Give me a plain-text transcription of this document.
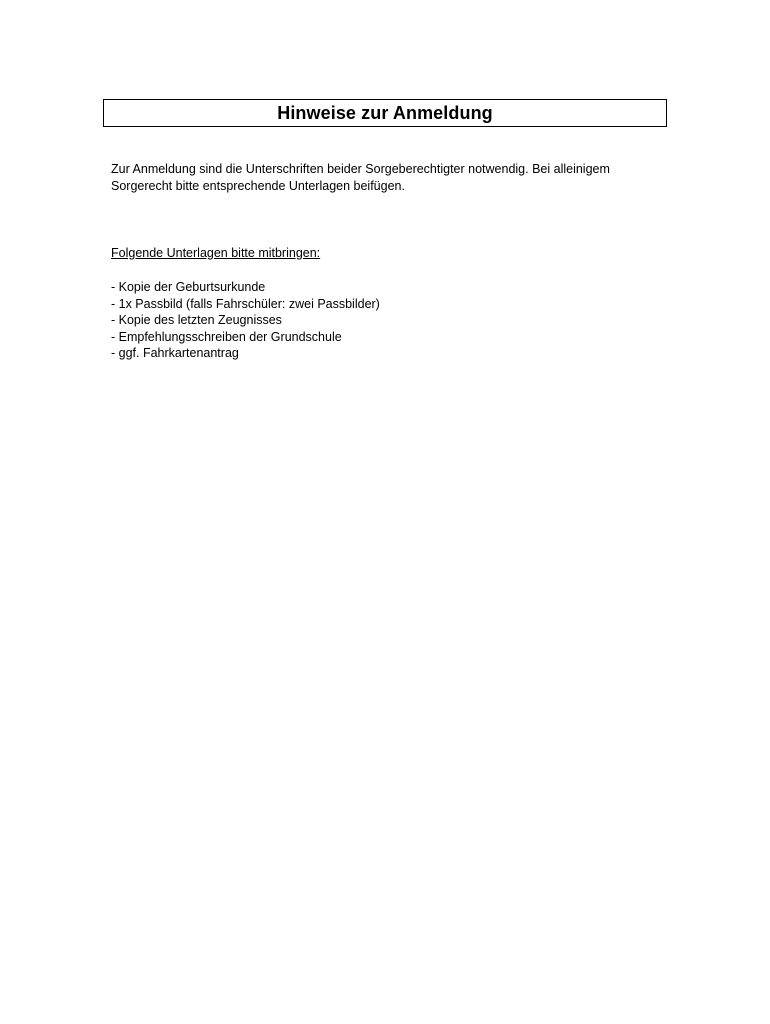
Hinweise zur Anmeldung
Zur Anmeldung sind die Unterschriften beider Sorgeberechtigter notwendig. Bei alleinigem
Sorgerecht bitte entsprechende Unterlagen beifügen.
Folgende Unterlagen bitte mitbringen:
- Kopie der Geburtsurkunde
- 1x Passbild (falls Fahrschüler: zwei Passbilder)
- Kopie des letzten Zeugnisses
- Empfehlungsschreiben der Grundschule
- ggf. Fahrkartenantrag
